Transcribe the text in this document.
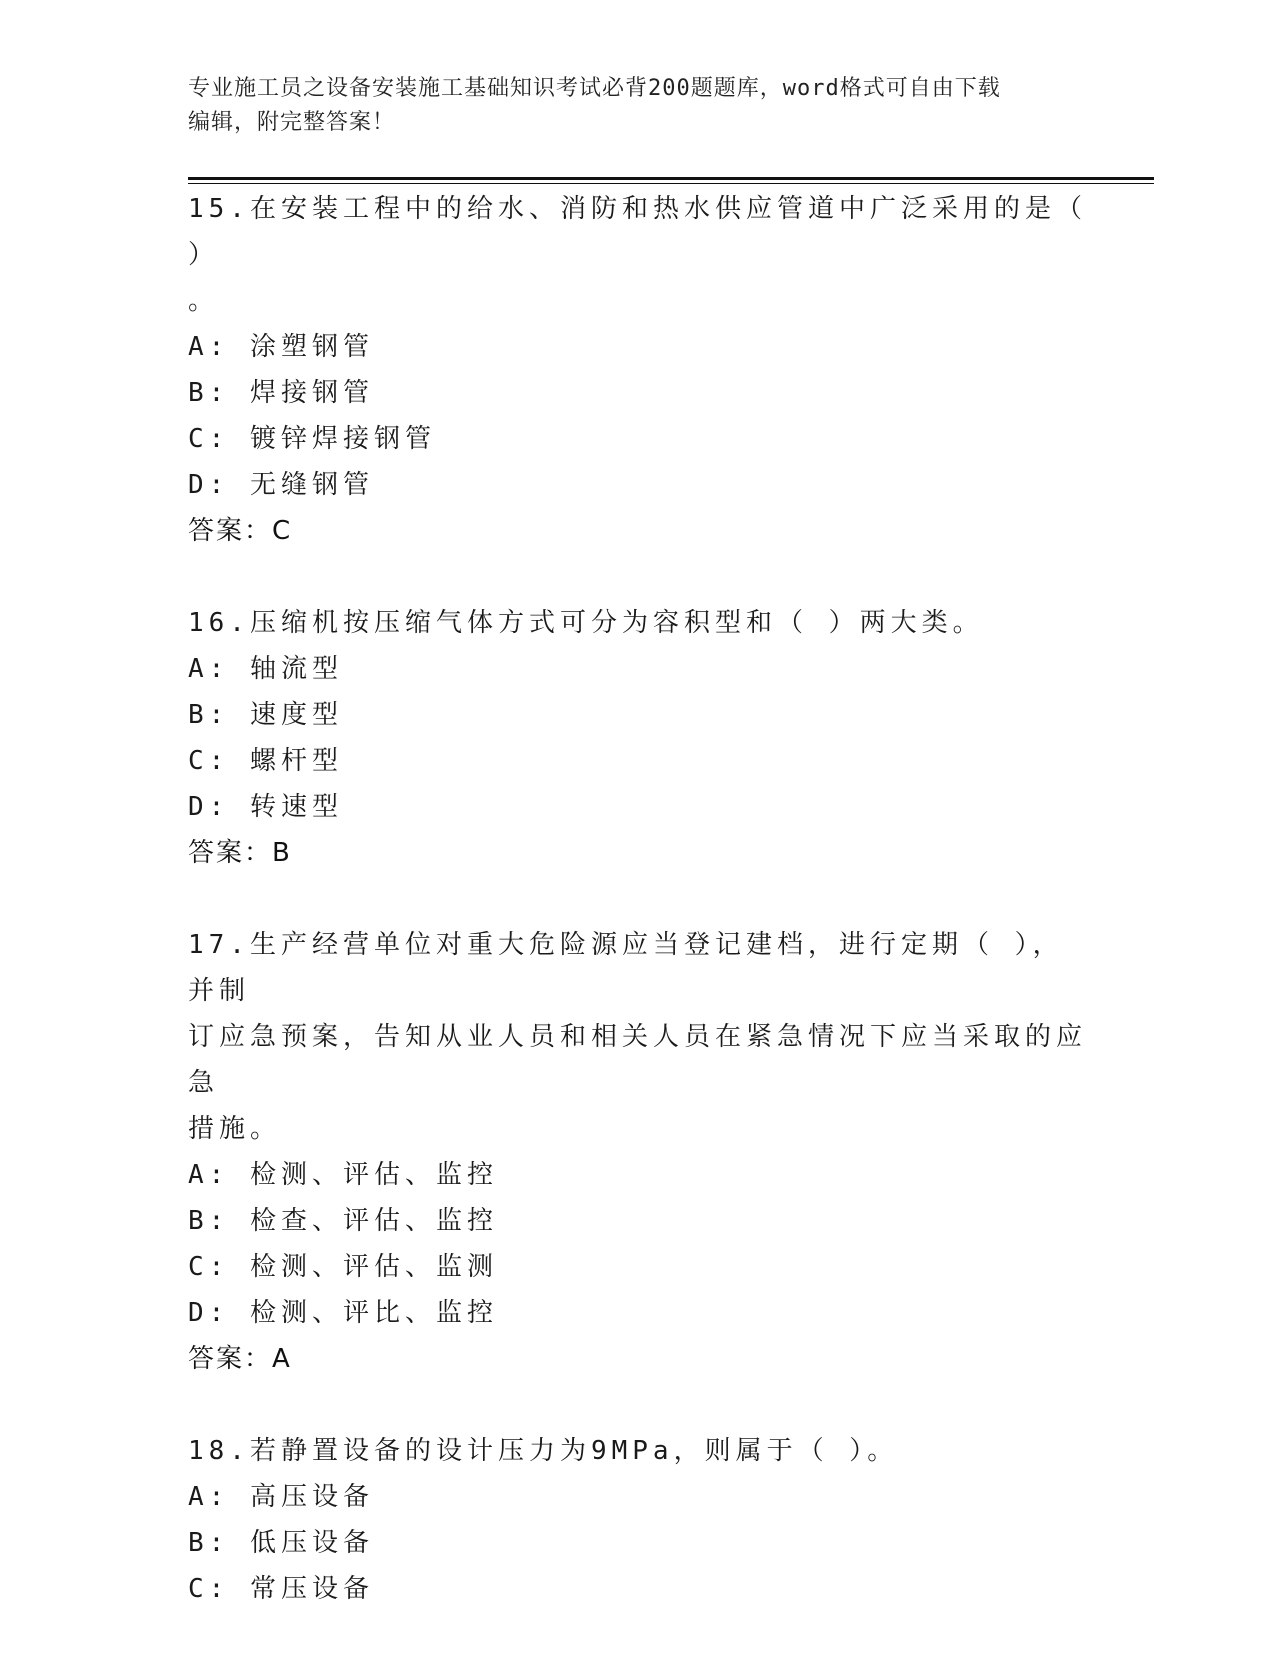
专业施工员之设备安装施工基础知识考试必背200题题库，word格式可自由下载
编辑，附完整答案！

15.在安装工程中的给水、消防和热水供应管道中广泛采用的是（ ）

。

A: 涂塑钢管

B: 焊接钢管

C: 镀锌焊接钢管

D: 无缝钢管

答案：C

16.压缩机按压缩气体方式可分为容积型和（ ）两大类。

A: 轴流型

B: 速度型

C: 螺杆型

D: 转速型

答案：B

17.生产经营单位对重大危险源应当登记建档，进行定期（ ），并制

订应急预案，告知从业人员和相关人员在紧急情况下应当采取的应急

措施。

A: 检测、评估、监控

B: 检查、评估、监控

C: 检测、评估、监测

D: 检测、评比、监控

答案：A

18.若静置设备的设计压力为9MPa，则属于（ ）。

A: 高压设备

B: 低压设备

C: 常压设备
